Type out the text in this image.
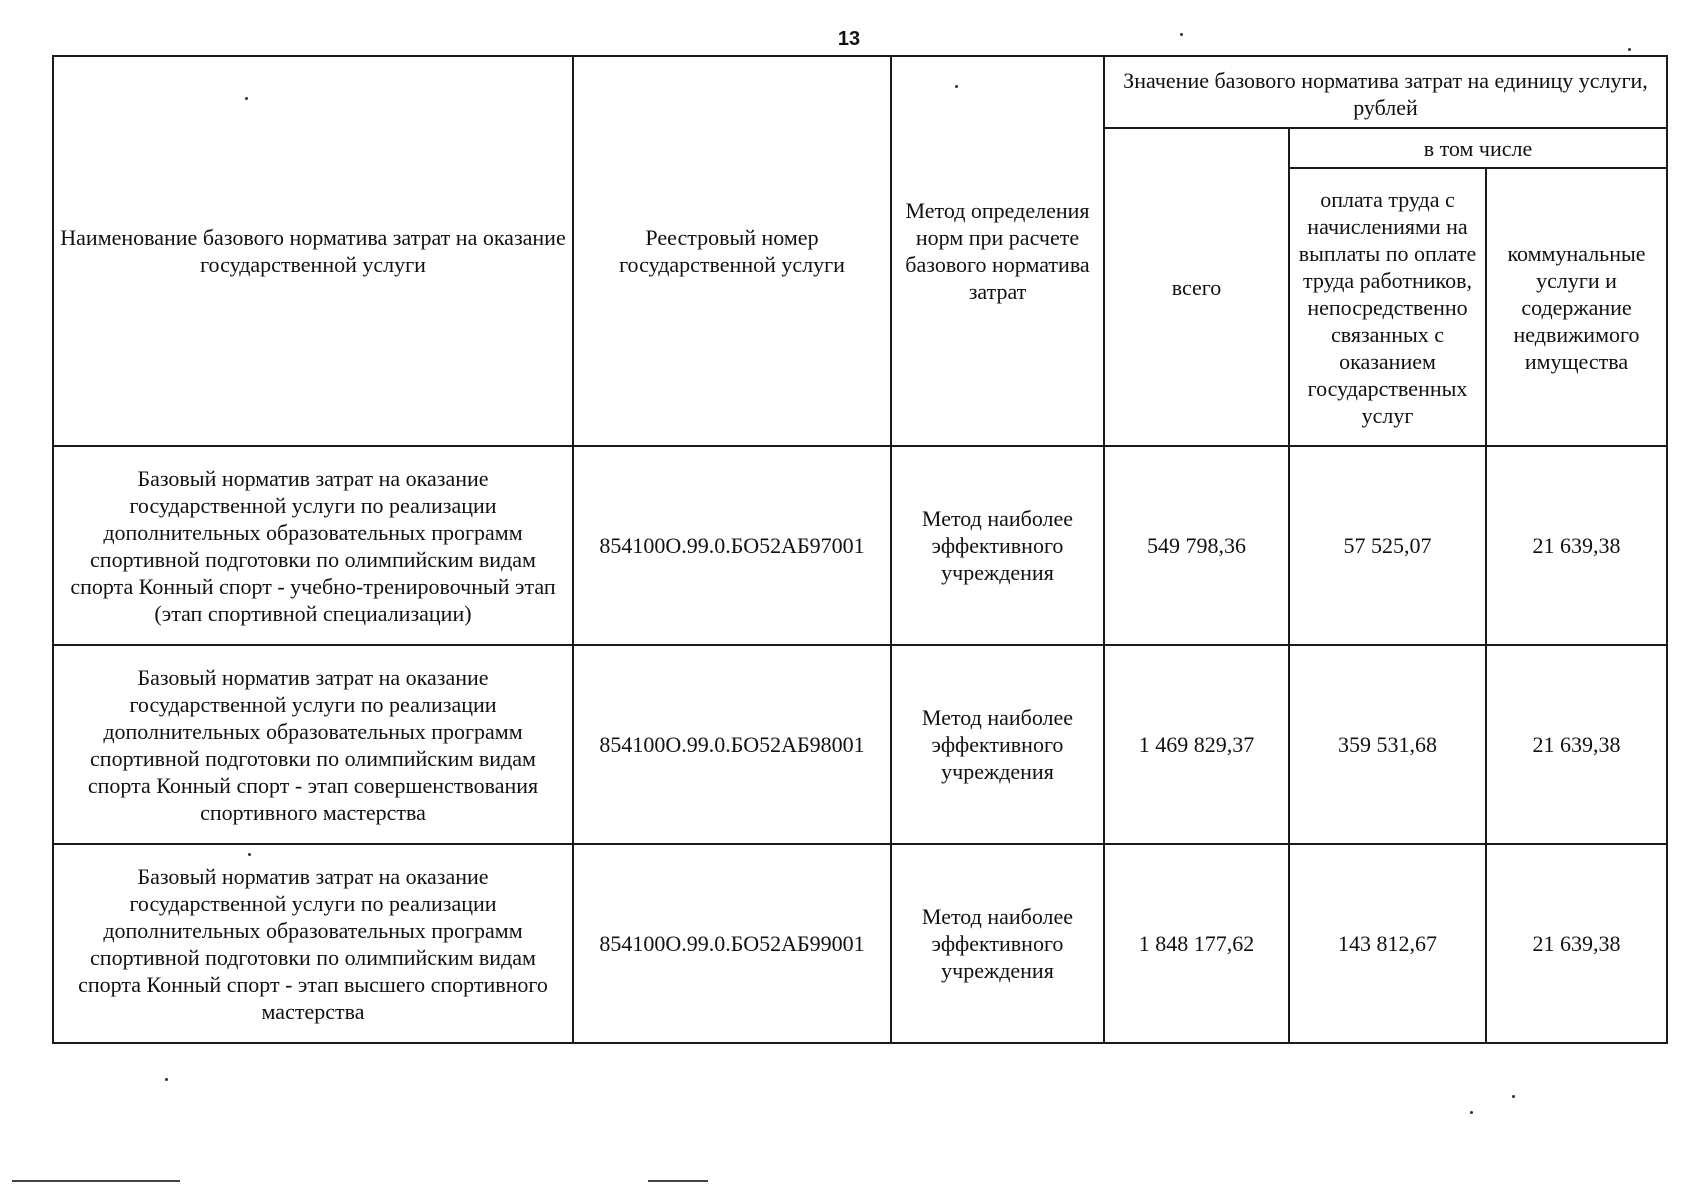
13
Наименование базового норматива затрат на оказание государственной услуги	Реестровый номер государственной услуги	Метод определения норм при расчете базового норматива затрат	Значение базового норматива затрат на единицу услуги, рублей		
			всего	в том числе	
				оплата труда с начислениями на выплаты по оплате труда работников, непосредственно связанных с оказанием государственных услуг	коммунальные услуги и содержание недвижимого имущества
Базовый норматив затрат на оказание государственной услуги по реализации дополнительных образовательных программ спортивной подготовки по олимпийским видам спорта Конный спорт - учебно-тренировочный этап (этап спортивной специализации)	854100О.99.0.БО52АБ97001	Метод наиболее эффективного учреждения	549 798,36	57 525,07	21 639,38
Базовый норматив затрат на оказание государственной услуги по реализации дополнительных образовательных программ спортивной подготовки по олимпийским видам спорта Конный спорт - этап совершенствования спортивного мастерства	854100О.99.0.БО52АБ98001	Метод наиболее эффективного учреждения	1 469 829,37	359 531,68	21 639,38
Базовый норматив затрат на оказание государственной услуги по реализации дополнительных образовательных программ спортивной подготовки по олимпийским видам спорта Конный спорт - этап высшего спортивного мастерства	854100О.99.0.БО52АБ99001	Метод наиболее эффективного учреждения	1 848 177,62	143 812,67	21 639,38
